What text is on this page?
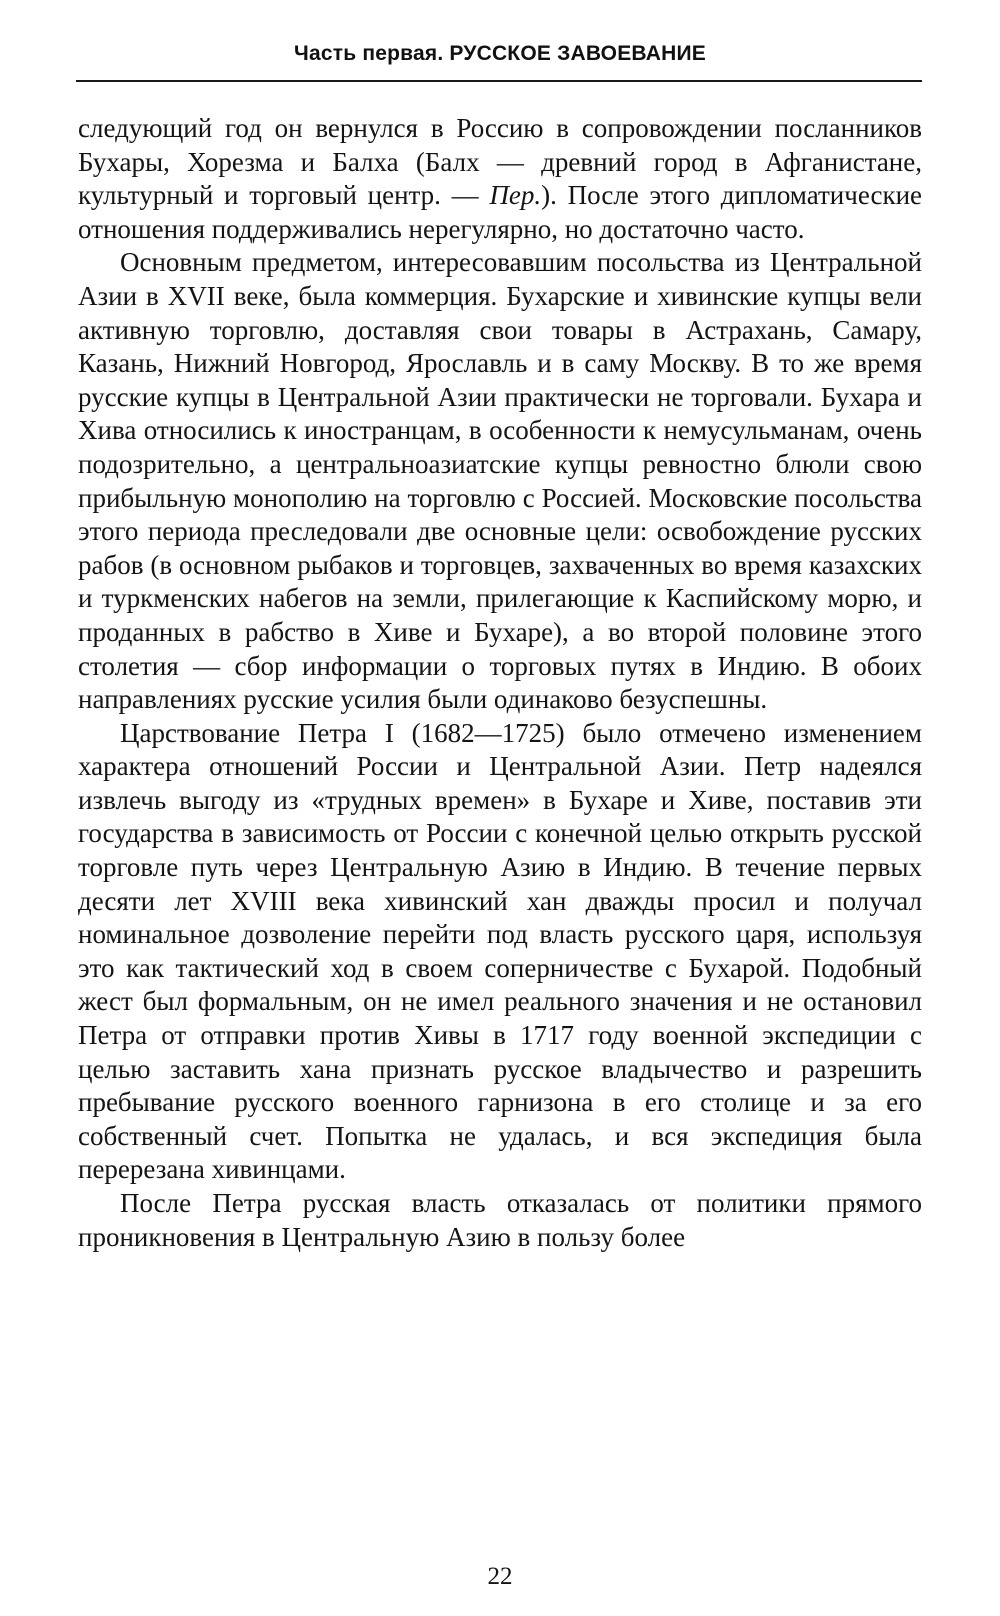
Часть первая. РУССКОЕ ЗАВОЕВАНИЕ

следующий год он вернулся в Россию в сопровождении посланников Бухары, Хорезма и Балха (Балх — древний город в Афганистане, культурный и торговый центр. — Пер.). После этого дипломатические отношения поддерживались нерегулярно, но достаточно часто.

Основным предметом, интересовавшим посольства из Центральной Азии в XVII веке, была коммерция. Бухарские и хивинские купцы вели активную торговлю, доставляя свои товары в Астрахань, Самару, Казань, Нижний Новгород, Ярославль и в саму Москву. В то же время русские купцы в Центральной Азии практически не торговали. Бухара и Хива относились к иностранцам, в особенности к немусульманам, очень подозрительно, а центральноазиатские купцы ревностно блюли свою прибыльную монополию на торговлю с Россией. Московские посольства этого периода преследовали две основные цели: освобождение русских рабов (в основном рыбаков и торговцев, захваченных во время казахских и туркменских набегов на земли, прилегающие к Каспийскому морю, и проданных в рабство в Хиве и Бухаре), а во второй половине этого столетия — сбор информации о торговых путях в Индию. В обоих направлениях русские усилия были одинаково безуспешны.

Царствование Петра I (1682—1725) было отмечено изменением характера отношений России и Центральной Азии. Петр надеялся извлечь выгоду из «трудных времен» в Бухаре и Хиве, поставив эти государства в зависимость от России с конечной целью открыть русской торговле путь через Центральную Азию в Индию. В течение первых десяти лет XVIII века хивинский хан дважды просил и получал номинальное дозволение перейти под власть русского царя, используя это как тактический ход в своем соперничестве с Бухарой. Подобный жест был формальным, он не имел реального значения и не остановил Петра от отправки против Хивы в 1717 году военной экспедиции с целью заставить хана признать русское владычество и разрешить пребывание русского военного гарнизона в его столице и за его собственный счет. Попытка не удалась, и вся экспедиция была перерезана хивинцами.

После Петра русская власть отказалась от политики прямого проникновения в Центральную Азию в пользу более

22
